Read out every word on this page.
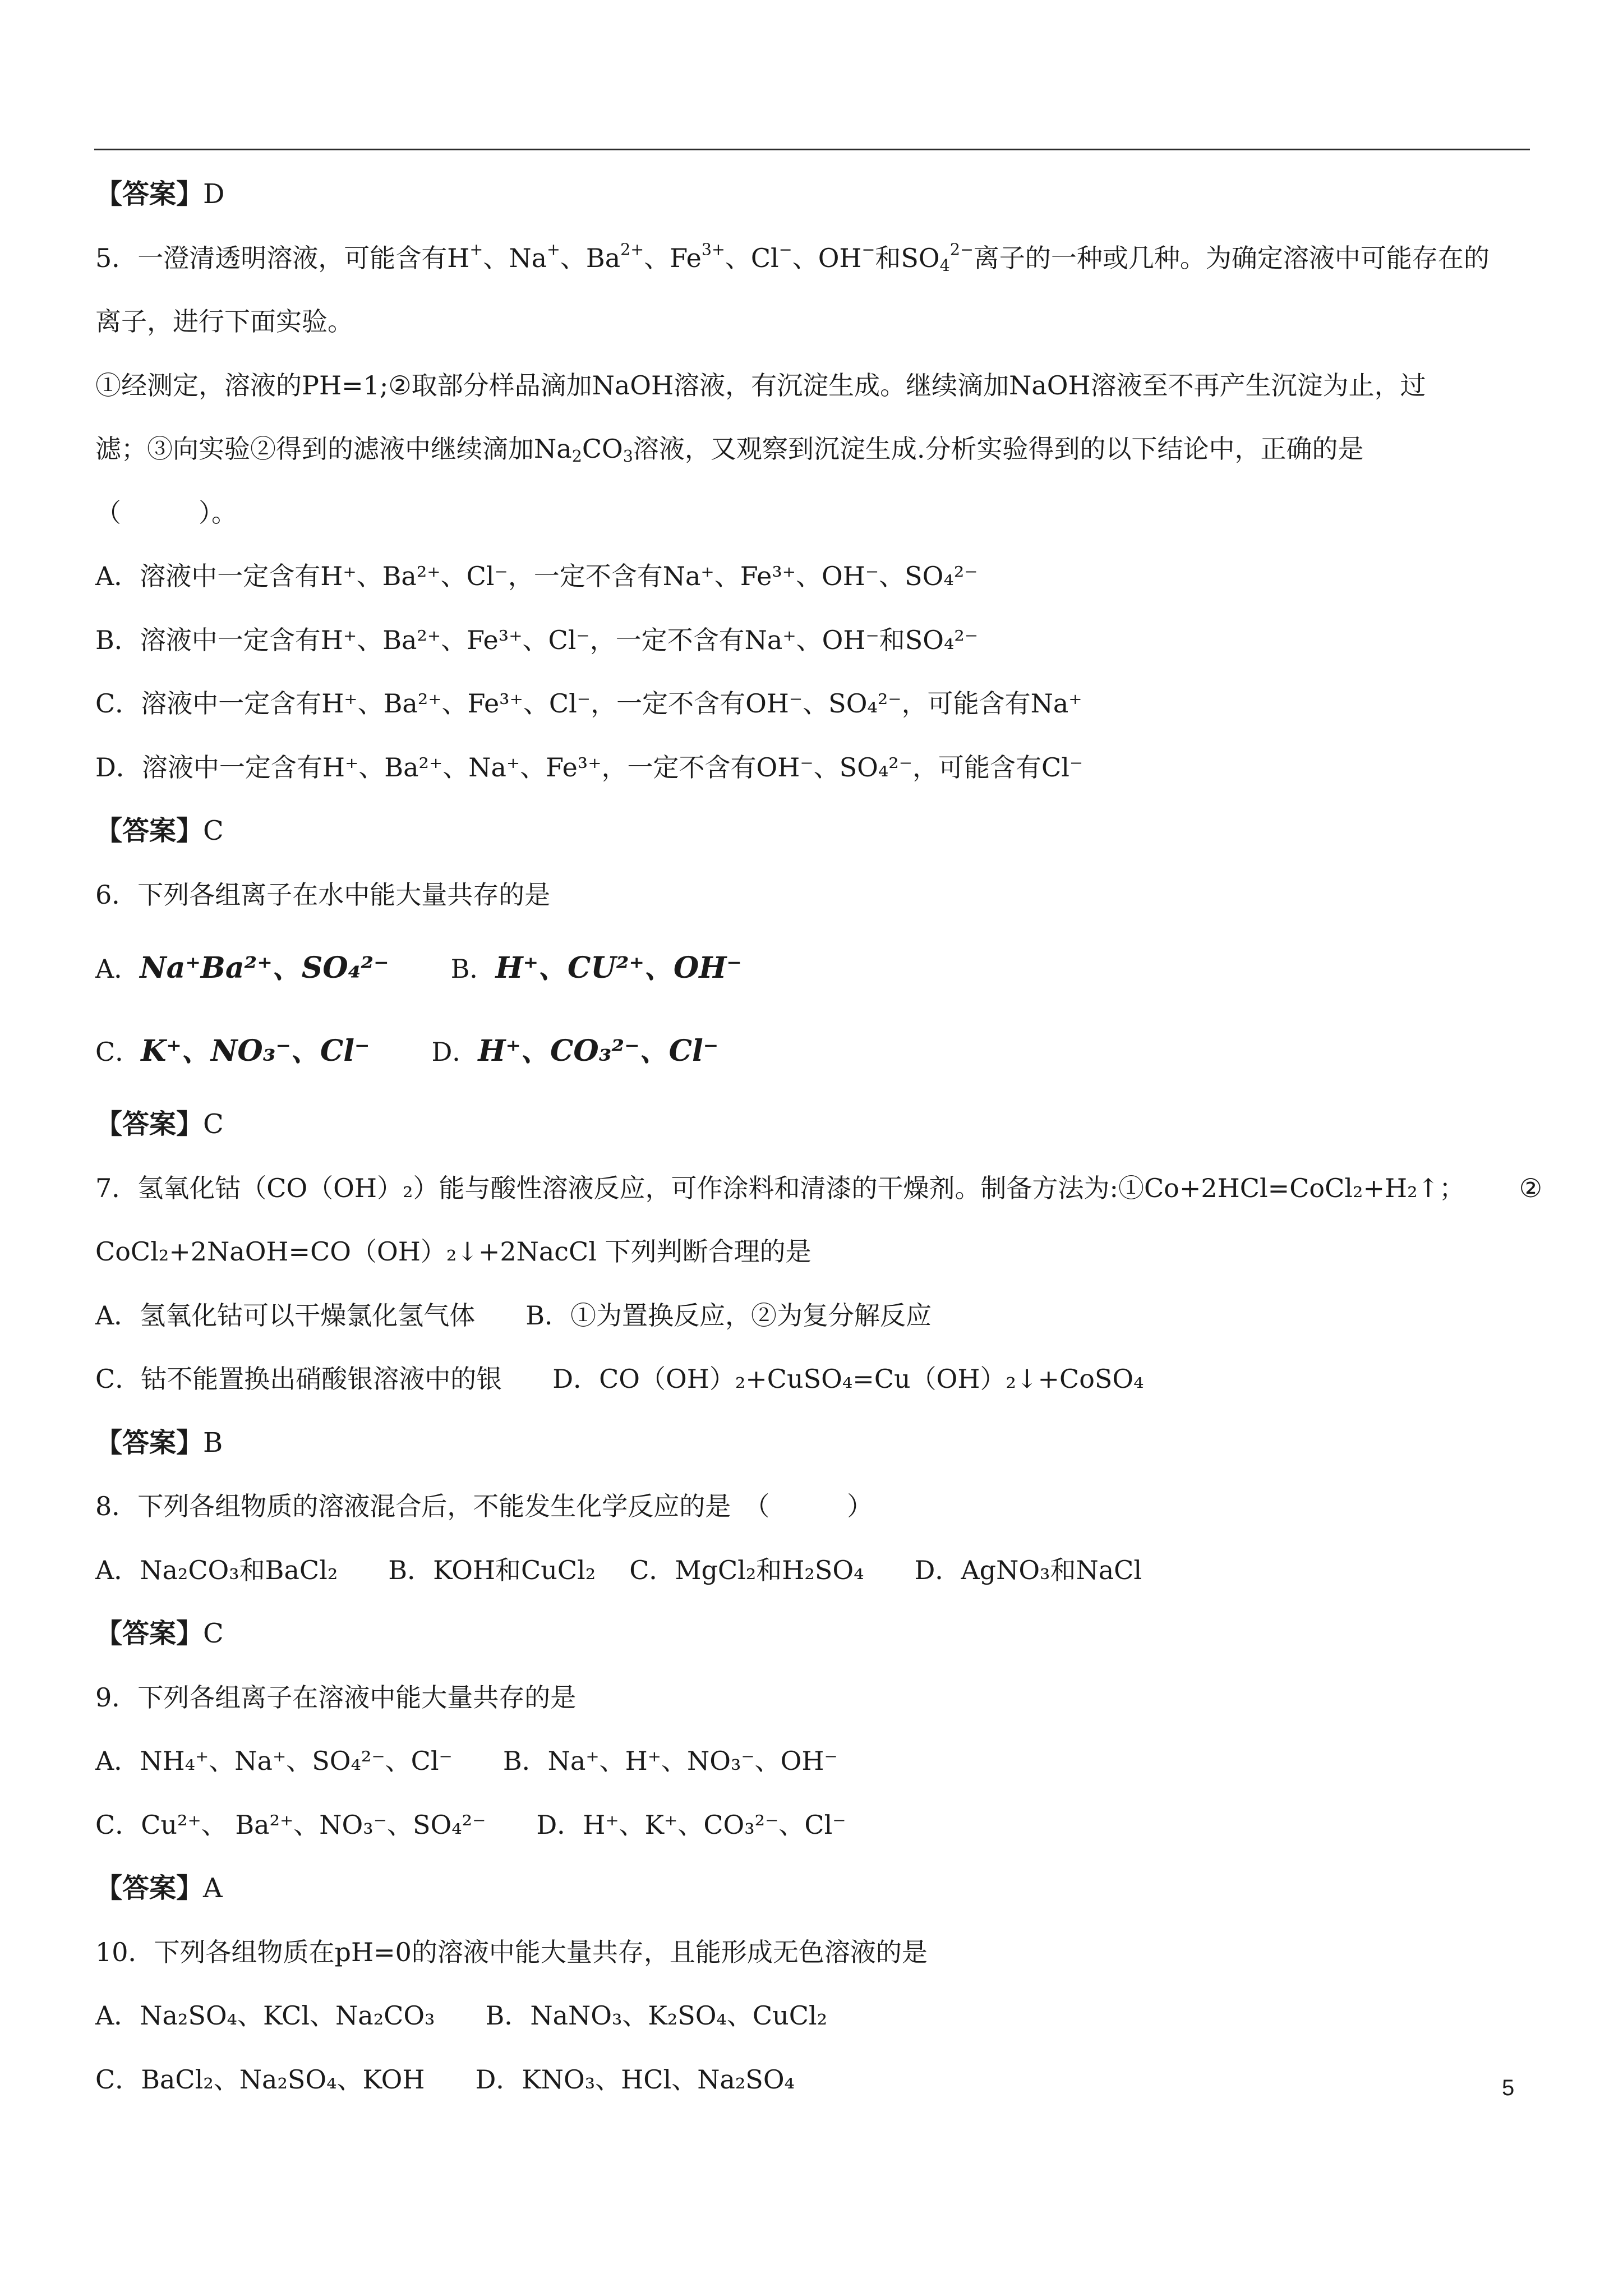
【答案】D
5．一澄清透明溶液，可能含有H+、Na+、$Ba^{2+}$、$Fe^{3+}$、Cl−、OH−和$SO_4^{2-}$离子的一种或几种。为确定溶液中可能存在的
离子，进行下面实验。
①经测定，溶液的PH=1;②取部分样品滴加NaOH溶液，有沉淀生成。继续滴加NaOH溶液至不再产生沉淀为止，过
滤；③向实验②得到的滤液中继续滴加$Na_2CO_3$溶液，又观察到沉淀生成.分析实验得到的以下结论中，正确的是
（　　　）。
A．溶液中一定含有H⁺、Ba²⁺、Cl⁻，一定不含有Na⁺、Fe³⁺、OH⁻、SO₄²⁻
B．溶液中一定含有H⁺、Ba²⁺、Fe³⁺、Cl⁻，一定不含有Na⁺、OH⁻和SO₄²⁻
C．溶液中一定含有H⁺、Ba²⁺、Fe³⁺、Cl⁻，一定不含有OH⁻、SO₄²⁻，可能含有Na⁺
D．溶液中一定含有H⁺、Ba²⁺、Na⁺、Fe³⁺，一定不含有OH⁻、SO₄²⁻，可能含有Cl⁻
【答案】C
6．下列各组离子在水中能大量共存的是
A．Na⁺Ba²⁺、SO₄²⁻ B．H⁺、CU²⁺、OH⁻
C．K⁺、NO₃⁻、Cl⁻ D．H⁺、CO₃²⁻、Cl⁻
【答案】C
7．氢氧化钴（CO（OH）₂）能与酸性溶液反应，可作涂料和清漆的干燥剂。制备方法为:①Co+2HCl=CoCl₂+H₂↑； ②
CoCl₂+2NaOH=CO（OH）₂↓+2NacCl 下列判断合理的是
A．氢氧化钴可以干燥氯化氢气体 B．①为置换反应，②为复分解反应
C．钴不能置换出硝酸银溶液中的银 D．CO（OH）₂+CuSO₄=Cu（OH）₂↓+CoSO₄
【答案】B
8．下列各组物质的溶液混合后，不能发生化学反应的是　（　　　）
A．Na₂CO₃和BaCl₂ B．KOH和CuCl₂ C．MgCl₂和H₂SO₄ D．AgNO₃和NaCl
【答案】C
9．下列各组离子在溶液中能大量共存的是
A．NH₄⁺、Na⁺、SO₄²⁻、Cl⁻ B．Na⁺、H⁺、NO₃⁻、OH⁻
C．Cu²⁺、 Ba²⁺、NO₃⁻、SO₄²⁻ D．H⁺、K⁺、CO₃²⁻、Cl⁻
【答案】A
10．下列各组物质在pH=0的溶液中能大量共存，且能形成无色溶液的是
A．Na₂SO₄、KCl、Na₂CO₃ B．NaNO₃、K₂SO₄、CuCl₂
C．BaCl₂、Na₂SO₄、KOH D．KNO₃、HCl、Na₂SO₄	5
